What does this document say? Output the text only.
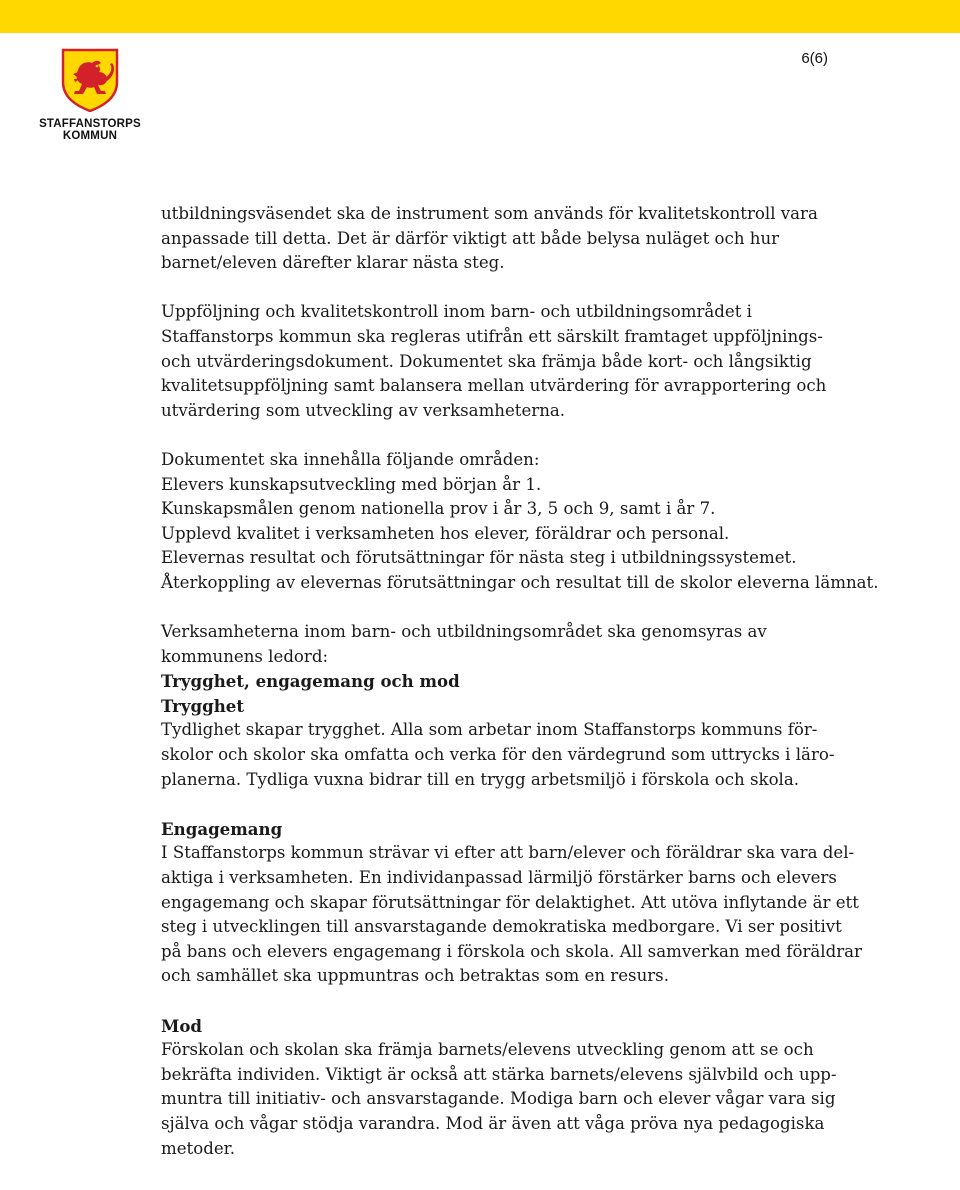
STAFFANSTORPS
KOMMUN
6(6)

utbildningsväsendet ska de instrument som används för kvalitetskontroll vara
anpassade till detta. Det är därför viktigt att både belysa nuläget och hur
barnet/eleven därefter klarar nästa steg.

Uppföljning och kvalitetskontroll inom barn- och utbildningsområdet i
Staffanstorps kommun ska regleras utifrån ett särskilt framtaget uppföljnings-
och utvärderingsdokument. Dokumentet ska främja både kort- och långsiktig
kvalitetsuppföljning samt balansera mellan utvärdering för avrapportering och
utvärdering som utveckling av verksamheterna.

Dokumentet ska innehålla följande områden:
Elevers kunskapsutveckling med början år 1.
Kunskapsmålen genom nationella prov i år 3, 5 och 9, samt i år 7.
Upplevd kvalitet i verksamheten hos elever, föräldrar och personal.
Elevernas resultat och förutsättningar för nästa steg i utbildningssystemet.
Återkoppling av elevernas förutsättningar och resultat till de skolor eleverna lämnat.

Verksamheterna inom barn- och utbildningsområdet ska genomsyras av
kommunens ledord:

Trygghet, engagemang och mod

Trygghet
Tydlighet skapar trygghet. Alla som arbetar inom Staffanstorps kommuns för-
skolor och skolor ska omfatta och verka för den värdegrund som uttrycks i läro-
planerna. Tydliga vuxna bidrar till en trygg arbetsmiljö i förskola och skola.

Engagemang
I Staffanstorps kommun strävar vi efter att barn/elever och föräldrar ska vara del-
aktiga i verksamheten. En individanpassad lärmiljö förstärker barns och elevers
engagemang och skapar förutsättningar för delaktighet. Att utöva inflytande är ett
steg i utvecklingen till ansvarstagande demokratiska medborgare. Vi ser positivt
på bans och elevers engagemang i förskola och skola. All samverkan med föräldrar
och samhället ska uppmuntras och betraktas som en resurs.

Mod
Förskolan och skolan ska främja barnets/elevens utveckling genom att se och
bekräfta individen. Viktigt är också att stärka barnets/elevens självbild och upp-
muntra till initiativ- och ansvarstagande. Modiga barn och elever vågar vara sig
själva och vågar stödja varandra. Mod är även att våga pröva nya pedagogiska
metoder.
